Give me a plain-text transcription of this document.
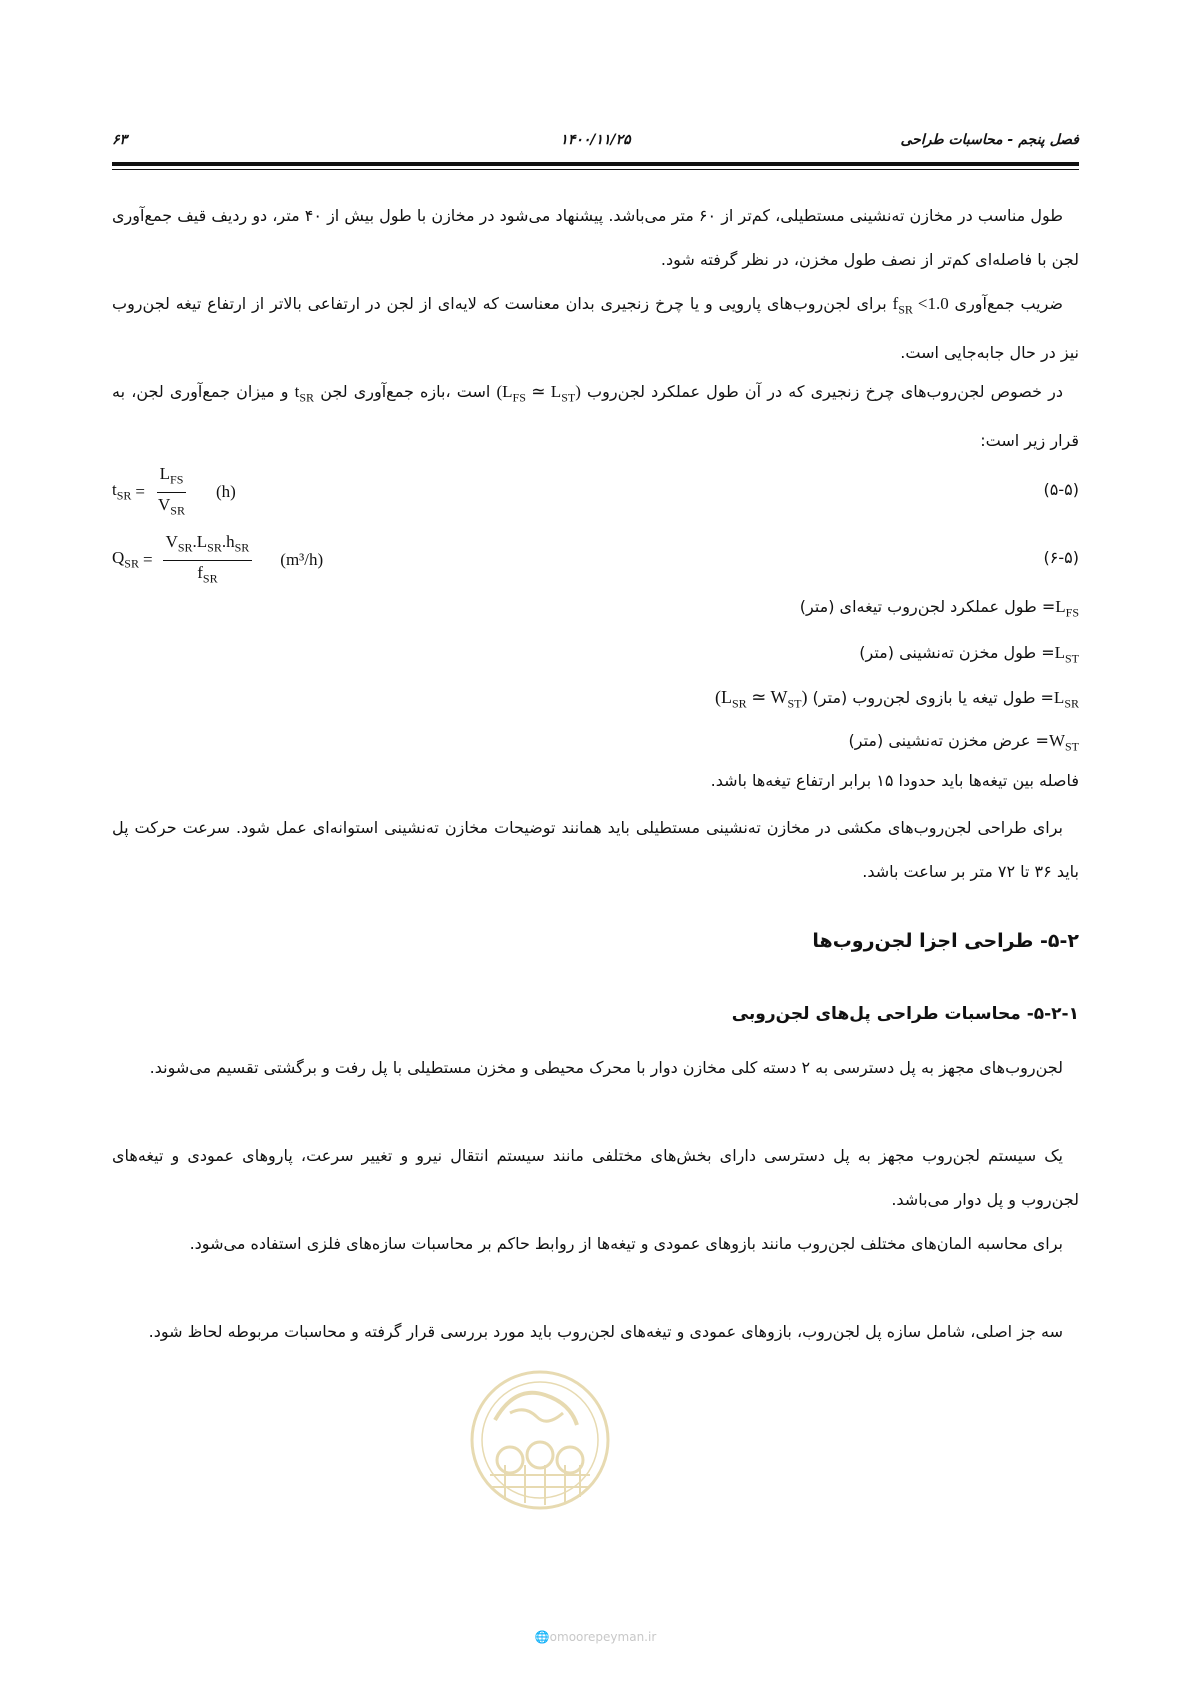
۶۳	۱۴۰۰/۱۱/۲۵	فصل پنجم - محاسبات طراحی
طول مناسب در مخازن ته‌نشینی مستطیلی، کم‌تر از ۶۰ متر می‌باشد. پیشنهاد می‌شود در مخازن با طول بیش از ۴۰ متر، دو ردیف قیف جمع‌آوری لجن با فاصله‌ای کم‌تر از نصف طول مخزن، در نظر گرفته شود.
ضریب جمع‌آوری $f_{SR} <1.0$ برای لجن‌روب‌های پارویی و یا چرخ زنجیری بدان معناست که لایه‌ای از لجن در ارتفاعی بالاتر از ارتفاع تیغه لجن‌روب نیز در حال جابه‌جایی است.
در خصوص لجن‌روب‌های چرخ زنجیری که در آن طول عملکرد لجن‌روب ($L_{FS}$ ≃ $L_{ST}$) است ،بازه جمع‌آوری لجن $t_{SR}$ و میزان جمع‌آوری لجن، به قرار زیر است:
$t_{SR} = \frac{L_{FS}}{V_{SR}} (h)$	(۵-۵)
$Q_{SR} = \frac{V_{SR}.L_{SR}.h_{SR}}{f_{SR}} (m^3/h)$	(۶-۵)
$L_{FS}=$ طول عملکرد لجن‌روب تیغه‌ای (متر)
$L_{ST}=$ طول مخزن ته‌نشینی (متر)
$L_{SR}=$ طول تیغه یا بازوی لجن‌روب (متر) ($L_{SR}$ ≃ $W_{ST}$)
$W_{ST}=$ عرض مخزن ته‌نشینی (متر)
فاصله بین تیغه‌ها باید حدودا ۱۵ برابر ارتفاع تیغه‌ها باشد.
برای طراحی لجن‌روب‌های مکشی در مخازن ته‌نشینی مستطیلی باید همانند توضیحات مخازن ته‌نشینی استوانه‌ای عمل شود. سرعت حرکت پل باید ۳۶ تا ۷۲ متر بر ساعت باشد.
۵-۲- طراحی اجزا لجن‌روب‌ها
۵-۲-۱- محاسبات طراحی پل‌های لجن‌روبی
لجن‌روب‌های مجهز به پل دسترسی به ۲ دسته کلی مخازن دوار با محرک محیطی و مخزن مستطیلی با پل رفت و برگشتی تقسیم می‌شوند.
یک سیستم لجن‌روب مجهز به پل دسترسی دارای بخش‌های مختلفی مانند سیستم انتقال نیرو و تغییر سرعت، پاروهای عمودی و تیغه‌های لجن‌روب و پل دوار می‌باشد.
برای محاسبه المان‌های مختلف لجن‌روب مانند بازوهای عمودی و تیغه‌ها از روابط حاکم بر محاسبات سازه‌های فلزی استفاده می‌شود.
سه جز اصلی، شامل سازه پل لجن‌روب، بازوهای عمودی و تیغه‌های لجن‌روب باید مورد بررسی قرار گرفته و محاسبات مربوطه لحاظ شود.
🌐omoorepeyman.ir
